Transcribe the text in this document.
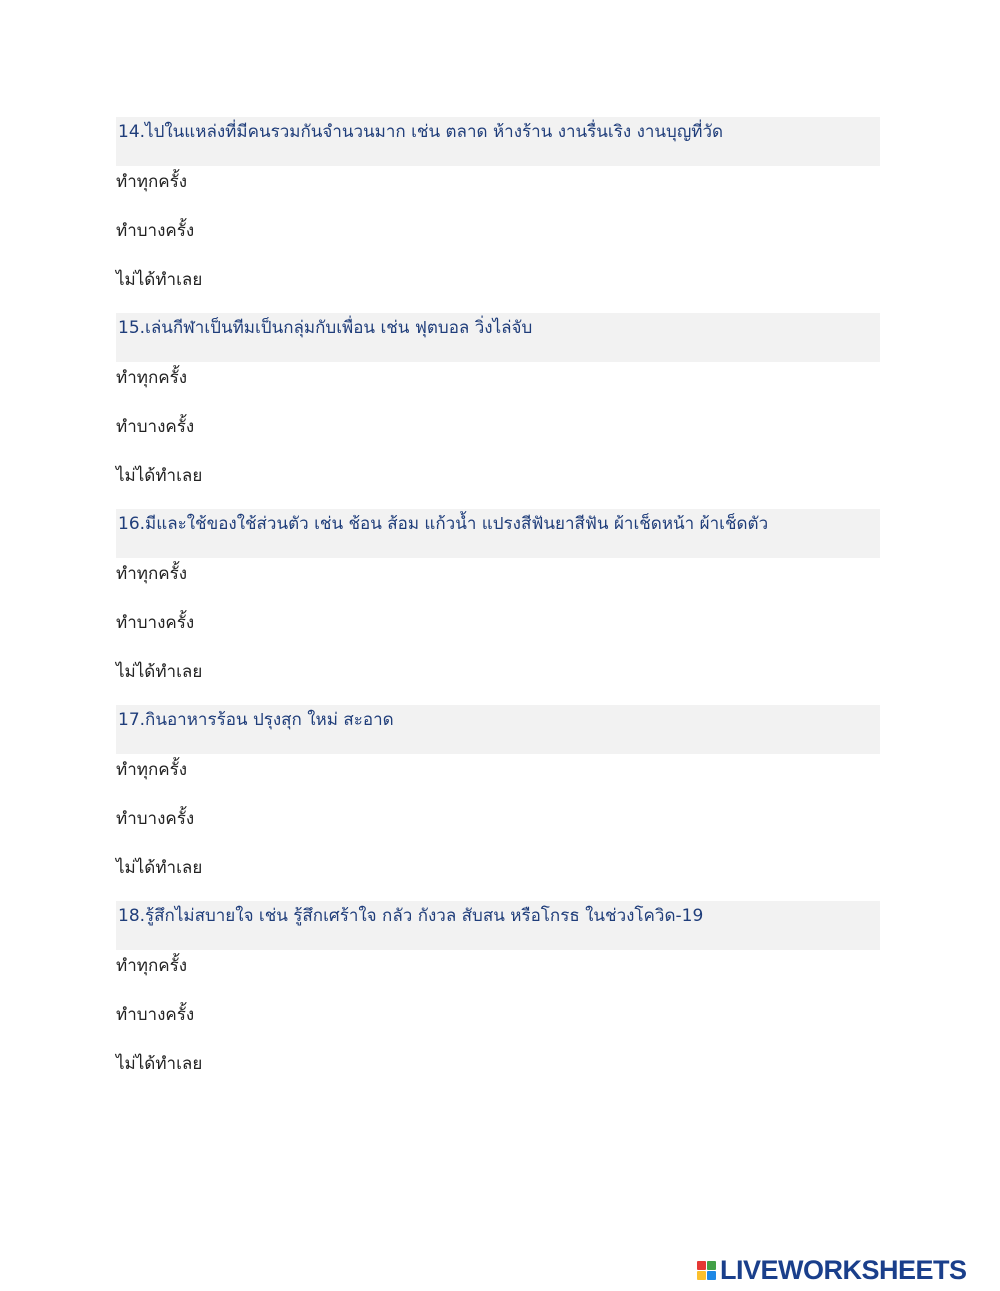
14.ไปในแหล่งที่มีคนรวมกันจำนวนมาก เช่น ตลาด ห้างร้าน งานรื่นเริง งานบุญที่วัด
ทำทุกครั้ง
ทำบางครั้ง
ไม่ได้ทำเลย
15.เล่นกีฬาเป็นทีมเป็นกลุ่มกับเพื่อน เช่น ฟุตบอล วิ่งไล่จับ
ทำทุกครั้ง
ทำบางครั้ง
ไม่ได้ทำเลย
16.มีและใช้ของใช้ส่วนตัว เช่น ช้อน ส้อม แก้วน้ำ แปรงสีฟันยาสีฟัน ผ้าเช็ดหน้า ผ้าเช็ดตัว
ทำทุกครั้ง
ทำบางครั้ง
ไม่ได้ทำเลย
17.กินอาหารร้อน ปรุงสุก ใหม่ สะอาด
ทำทุกครั้ง
ทำบางครั้ง
ไม่ได้ทำเลย
18.รู้สึกไม่สบายใจ เช่น รู้สึกเศร้าใจ กลัว กังวล สับสน หรือโกรธ ในช่วงโควิด-19
ทำทุกครั้ง
ทำบางครั้ง
ไม่ได้ทำเลย
LIVEWORKSHEETS
